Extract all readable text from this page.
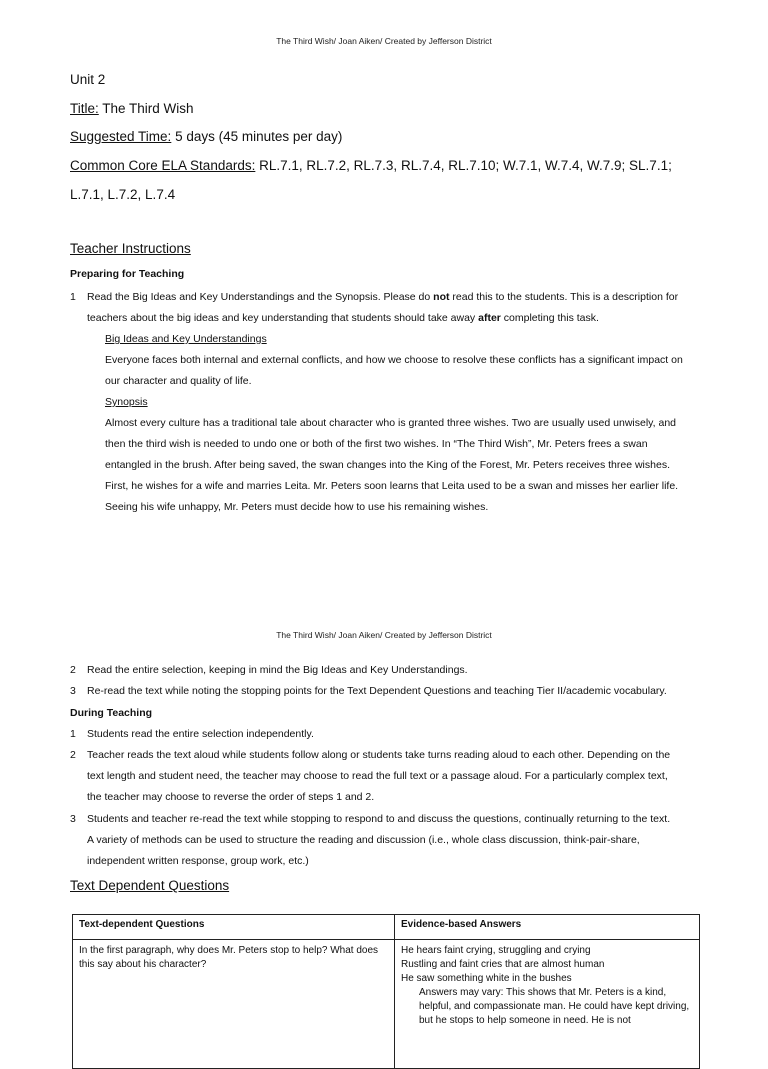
The Third Wish/ Joan Aiken/ Created by Jefferson District
Unit 2
Title: The Third Wish
Suggested Time: 5 days (45 minutes per day)
Common Core ELA Standards: RL.7.1, RL.7.2, RL.7.3, RL.7.4, RL.7.10; W.7.1, W.7.4, W.7.9; SL.7.1;
L.7.1, L.7.2, L.7.4
Teacher Instructions
Preparing for Teaching
1 Read the Big Ideas and Key Understandings and the Synopsis. Please do not read this to the students. This is a description for
teachers about the big ideas and key understanding that students should take away after completing this task.
Big Ideas and Key Understandings
Everyone faces both internal and external conflicts, and how we choose to resolve these conflicts has a significant impact on
our character and quality of life.
Synopsis
Almost every culture has a traditional tale about character who is granted three wishes. Two are usually used unwisely, and
then the third wish is needed to undo one or both of the first two wishes. In “The Third Wish”, Mr. Peters frees a swan
entangled in the brush. After being saved, the swan changes into the King of the Forest, Mr. Peters receives three wishes.
First, he wishes for a wife and marries Leita. Mr. Peters soon learns that Leita used to be a swan and misses her earlier life.
Seeing his wife unhappy, Mr. Peters must decide how to use his remaining wishes.
The Third Wish/ Joan Aiken/ Created by Jefferson District
2 Read the entire selection, keeping in mind the Big Ideas and Key Understandings.
3 Re-read the text while noting the stopping points for the Text Dependent Questions and teaching Tier II/academic vocabulary.
During Teaching
1 Students read the entire selection independently.
2 Teacher reads the text aloud while students follow along or students take turns reading aloud to each other. Depending on the
text length and student need, the teacher may choose to read the full text or a passage aloud. For a particularly complex text,
the teacher may choose to reverse the order of steps 1 and 2.
3 Students and teacher re-read the text while stopping to respond to and discuss the questions, continually returning to the text.
A variety of methods can be used to structure the reading and discussion (i.e., whole class discussion, think-pair-share,
independent written response, group work, etc.)
Text Dependent Questions
Text-dependent Questions	Evidence-based Answers
In the first paragraph, why does Mr. Peters stop to help? What does this say about his character?	He hears faint crying, struggling and crying
Rustling and faint cries that are almost human
He saw something white in the bushes
Answers may vary: This shows that Mr. Peters is a kind, helpful, and compassionate man. He could have kept driving, but he stops to help someone in need. He is not
